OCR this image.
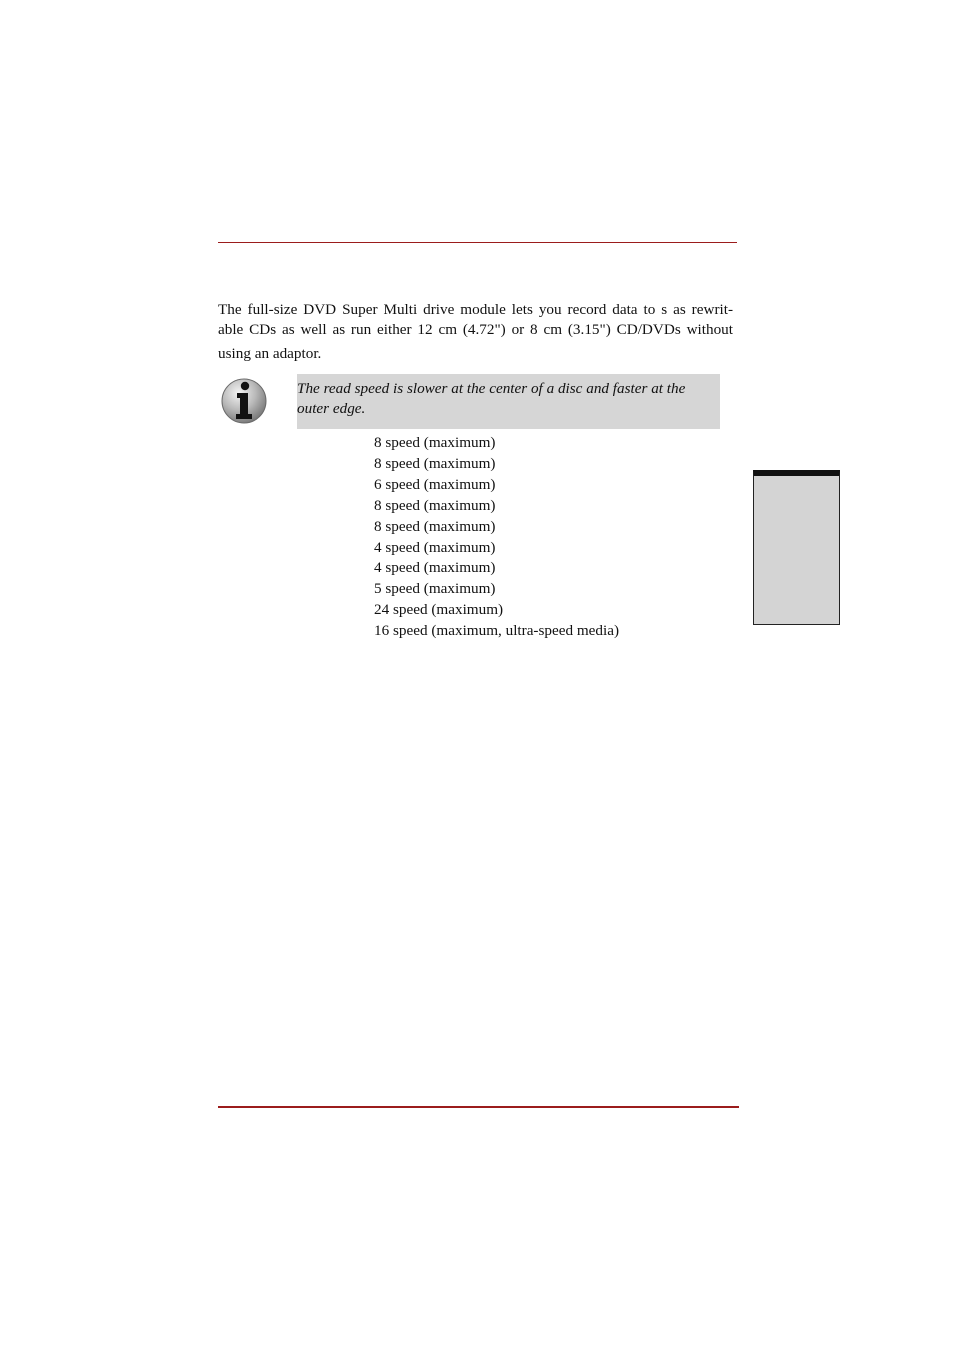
The full-size DVD Super Multi drive module lets you record data to s as rewrit-
able CDs as well as run either 12 cm (4.72") or 8 cm (3.15") CD/DVDs without
using an adaptor.

The read speed is slower at the center of a disc and faster at the
outer edge.
8 speed (maximum)
8 speed (maximum)
6 speed (maximum)
8 speed (maximum)
8 speed (maximum)
4 speed (maximum)
4 speed (maximum)
5 speed (maximum)
24 speed (maximum)
16 speed (maximum, ultra-speed media)
